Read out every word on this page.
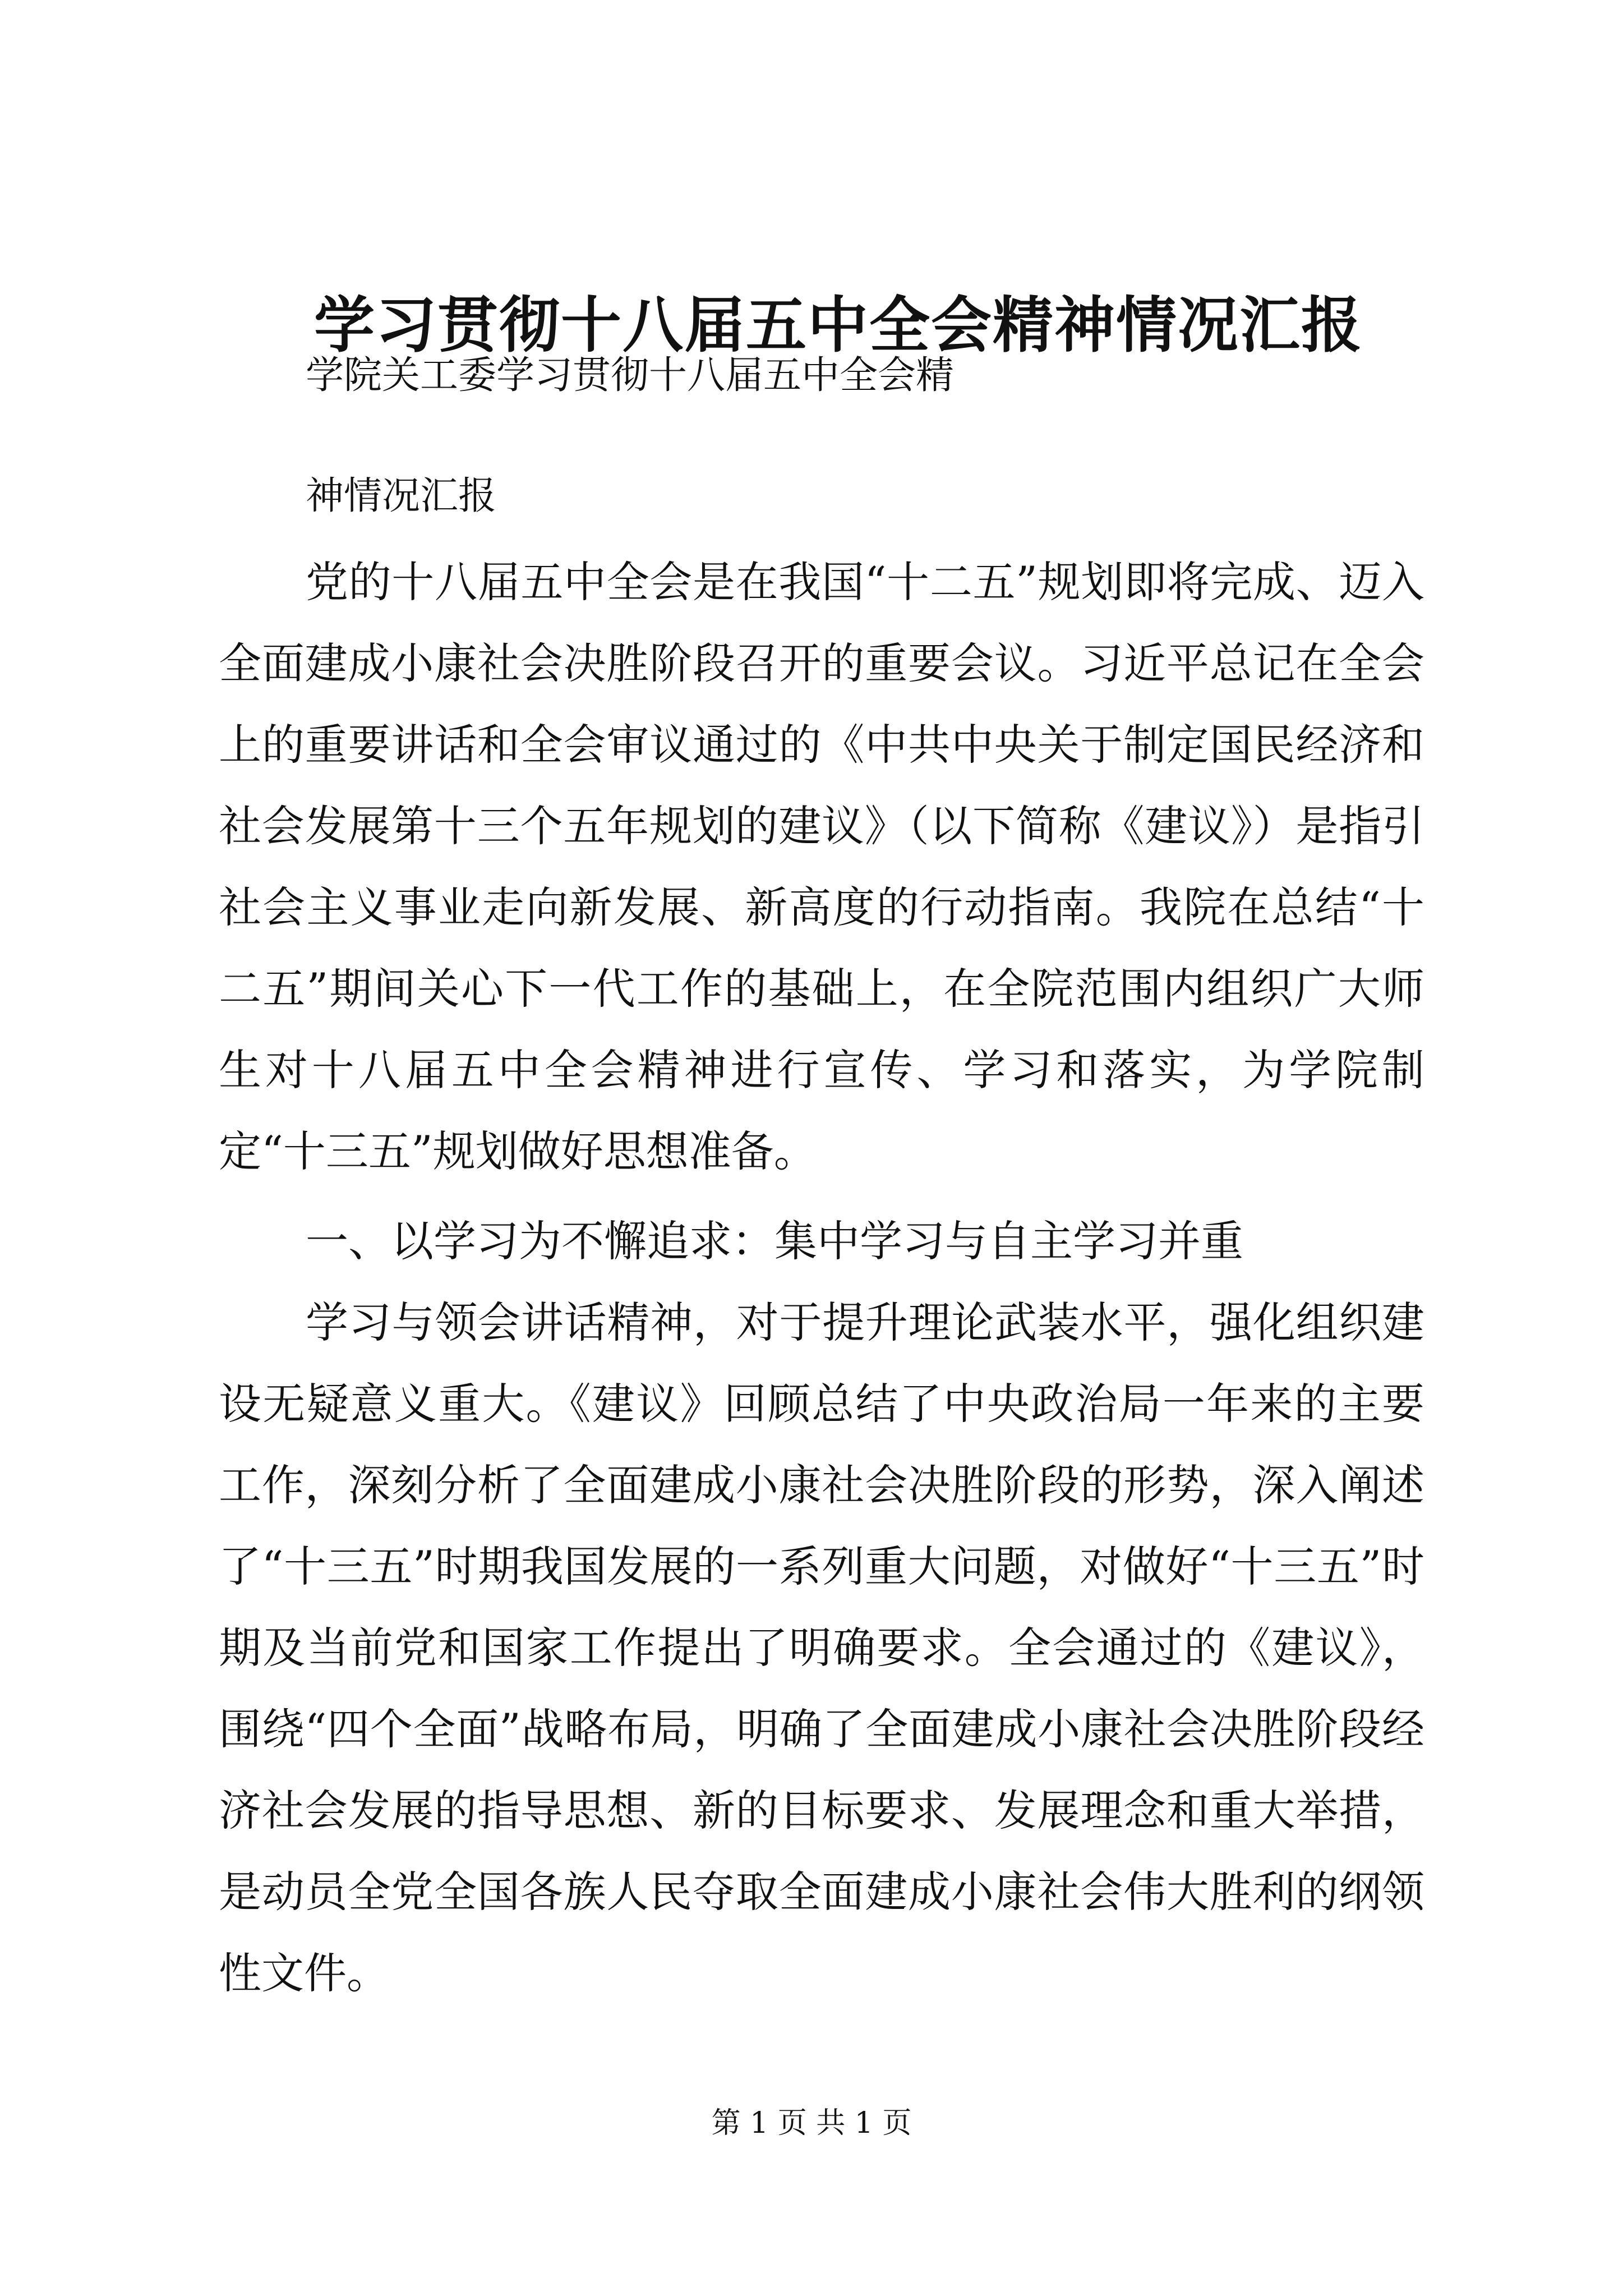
学习贯彻十八届五中全会精神情况汇报
学院关工委学习贯彻十八届五中全会精
神情况汇报

党的十八届五中全会是在我国“十二五”规划即将完成、迈入全面建成小康社会决胜阶段召开的重要会议。习近平总记在全会上的重要讲话和全会审议通过的《中共中央关于制定国民经济和社会发展第十三个五年规划的建议》（以下简称《建议》）是指引社会主义事业走向新发展、新高度的行动指南。我院在总结“十二五”期间关心下一代工作的基础上，在全院范围内组织广大师生对十八届五中全会精神进行宣传、学习和落实，为学院制定“十三五”规划做好思想准备。

一、以学习为不懈追求：集中学习与自主学习并重

学习与领会讲话精神，对于提升理论武装水平，强化组织建设无疑意义重大。《建议》回顾总结了中央政治局一年来的主要工作，深刻分析了全面建成小康社会决胜阶段的形势，深入阐述了“十三五”时期我国发展的一系列重大问题，对做好“十三五”时期及当前党和国家工作提出了明确要求。全会通过的《建议》，围绕“四个全面”战略布局，明确了全面建成小康社会决胜阶段经济社会发展的指导思想、新的目标要求、发展理念和重大举措，是动员全党全国各族人民夺取全面建成小康社会伟大胜利的纲领性文件。

第 1 页 共 1 页
